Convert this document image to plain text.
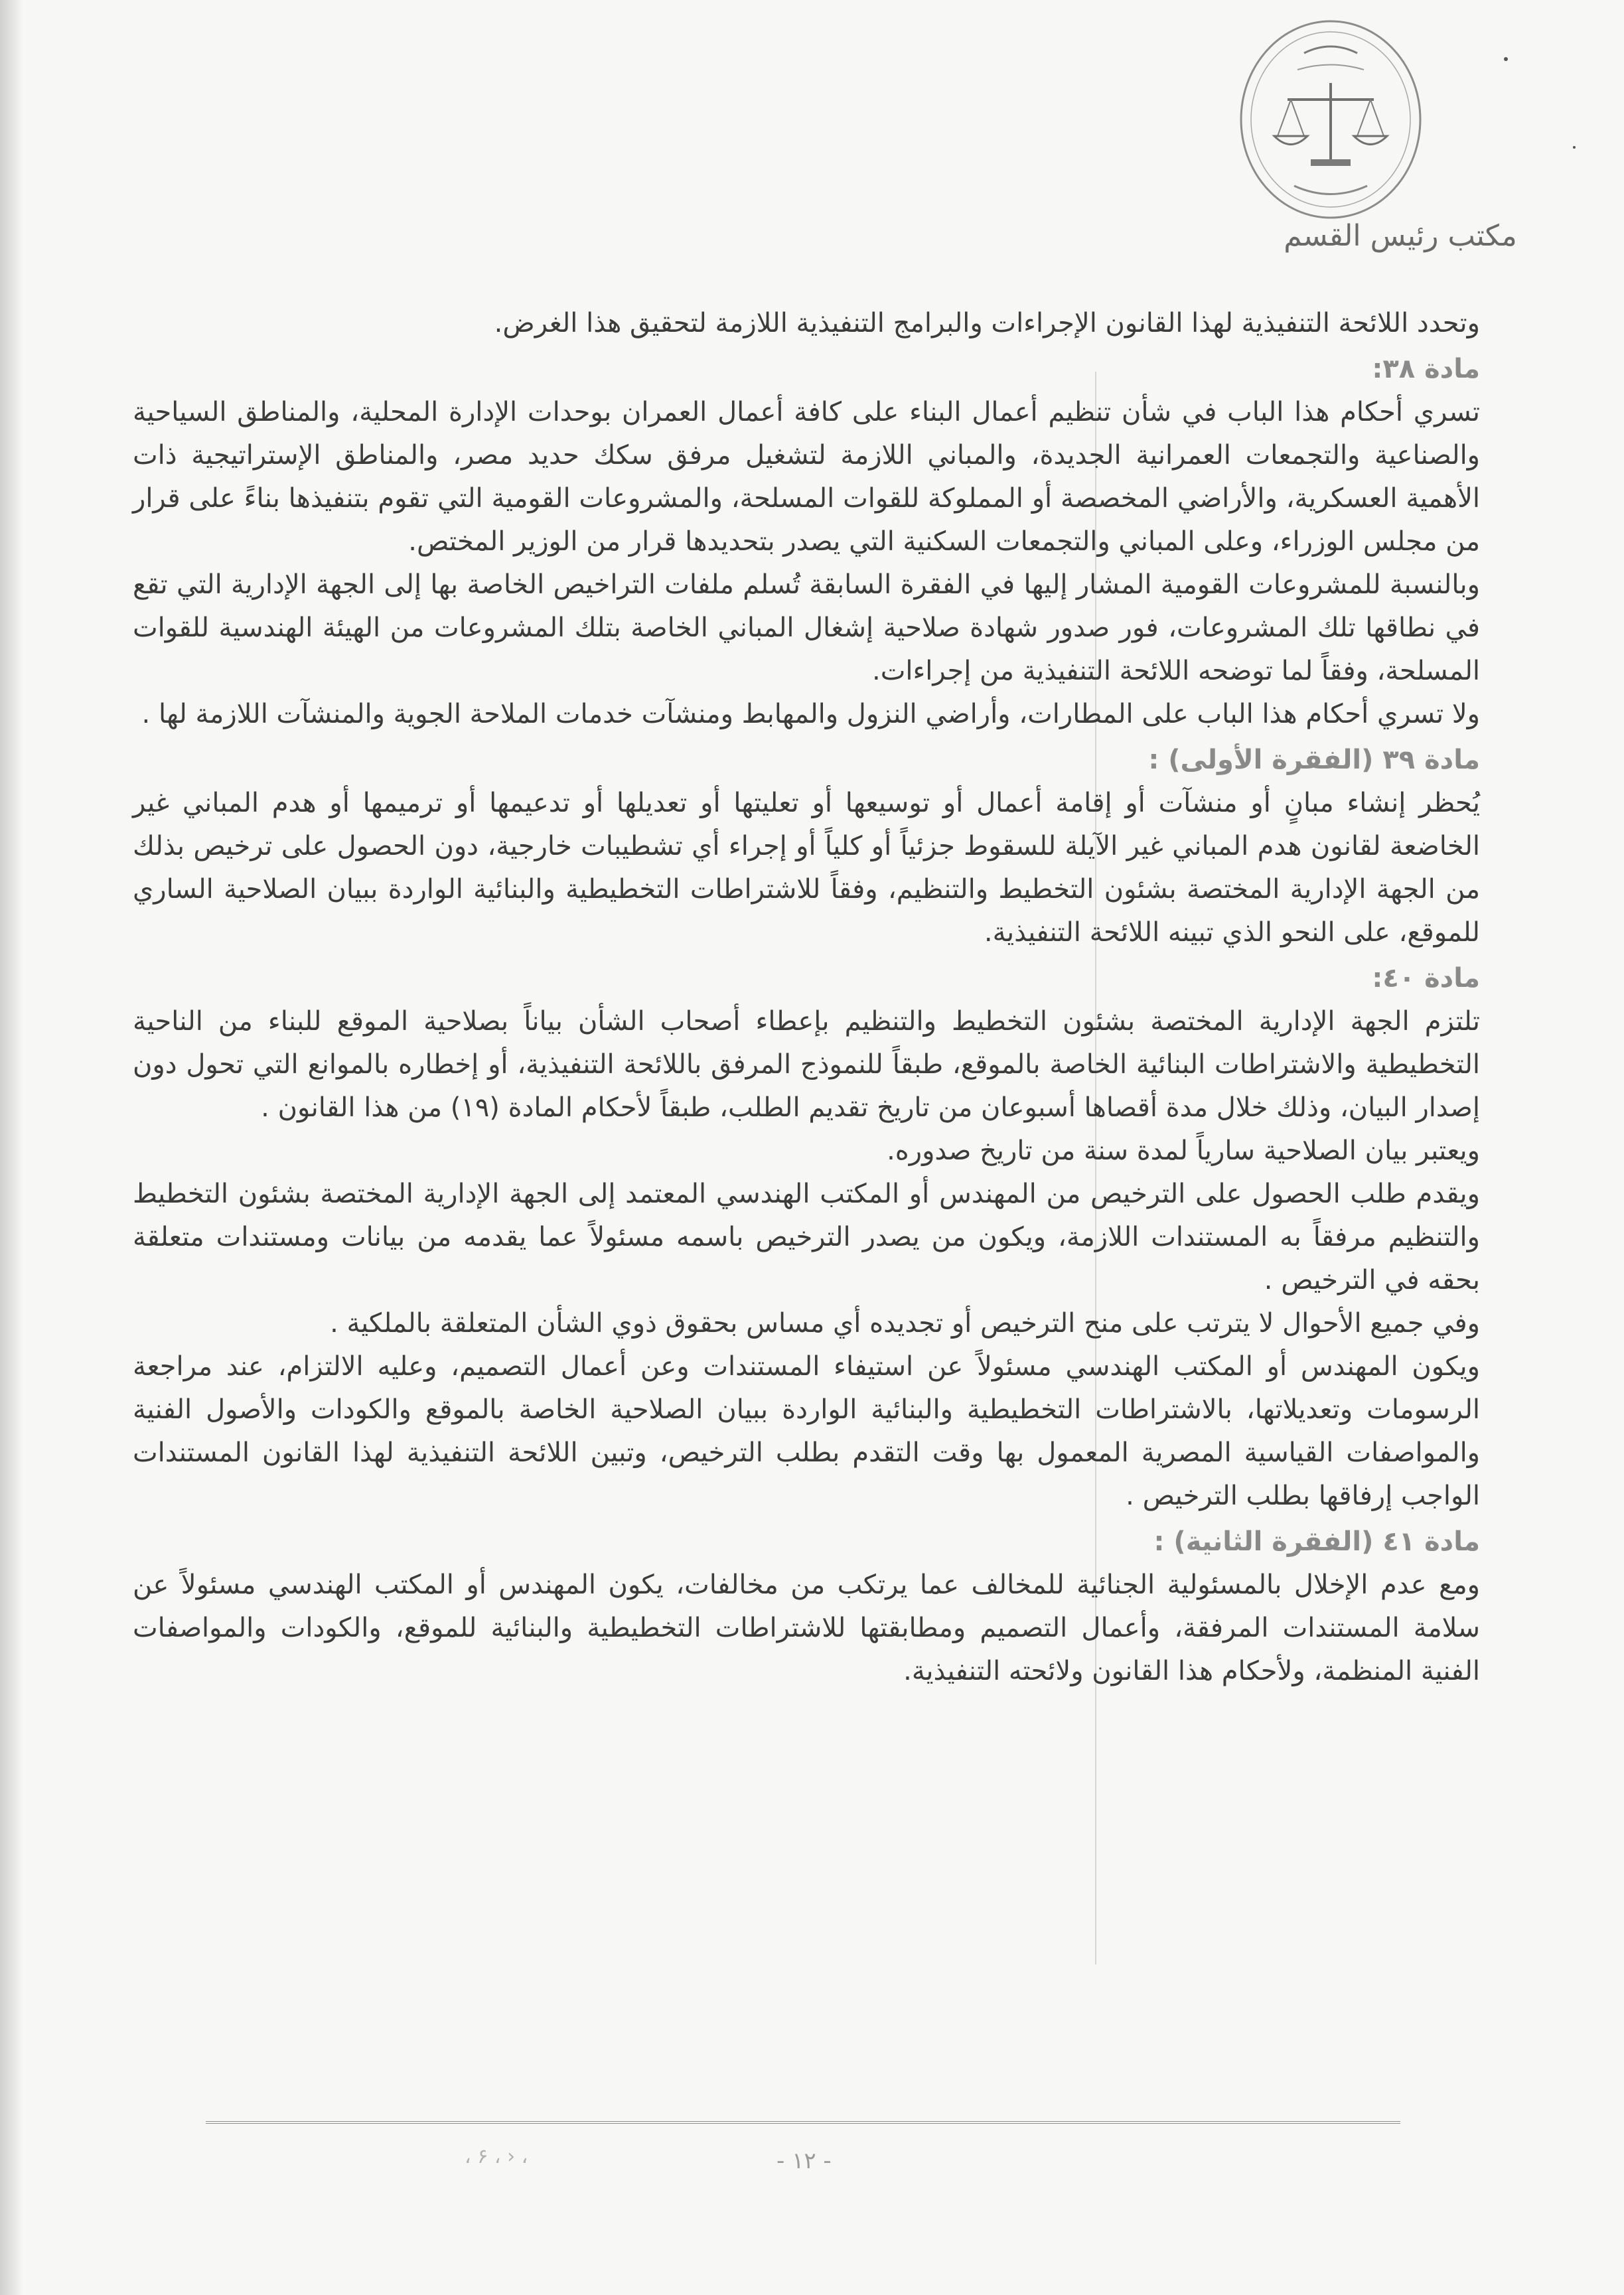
مكتب رئيس القسم

وتحدد اللائحة التنفيذية لهذا القانون الإجراءات والبرامج التنفيذية اللازمة لتحقيق هذا الغرض.

مادة ٣٨:

تسري أحكام هذا الباب في شأن تنظيم أعمال البناء على كافة أعمال العمران بوحدات الإدارة المحلية، والمناطق السياحية والصناعية والتجمعات العمرانية الجديدة، والمباني اللازمة لتشغيل مرفق سكك حديد مصر، والمناطق الإستراتيجية ذات الأهمية العسكرية، والأراضي المخصصة أو المملوكة للقوات المسلحة، والمشروعات القومية التي تقوم بتنفيذها بناءً على قرار من مجلس الوزراء، وعلى المباني والتجمعات السكنية التي يصدر بتحديدها قرار من الوزير المختص.

وبالنسبة للمشروعات القومية المشار إليها في الفقرة السابقة تُسلم ملفات التراخيص الخاصة بها إلى الجهة الإدارية التي تقع في نطاقها تلك المشروعات، فور صدور شهادة صلاحية إشغال المباني الخاصة بتلك المشروعات من الهيئة الهندسية للقوات المسلحة، وفقاً لما توضحه اللائحة التنفيذية من إجراءات.

ولا تسري أحكام هذا الباب على المطارات، وأراضي النزول والمهابط ومنشآت خدمات الملاحة الجوية والمنشآت اللازمة لها .

مادة ٣٩ (الفقرة الأولى) :

يُحظر إنشاء مبانٍ أو منشآت أو إقامة أعمال أو توسيعها أو تعليتها أو تعديلها أو تدعيمها أو ترميمها أو هدم المباني غير الخاضعة لقانون هدم المباني غير الآيلة للسقوط جزئياً أو كلياً أو إجراء أي تشطيبات خارجية، دون الحصول على ترخيص بذلك من الجهة الإدارية المختصة بشئون التخطيط والتنظيم، وفقاً للاشتراطات التخطيطية والبنائية الواردة ببيان الصلاحية الساري للموقع، على النحو الذي تبينه اللائحة التنفيذية.

مادة ٤٠:

تلتزم الجهة الإدارية المختصة بشئون التخطيط والتنظيم بإعطاء أصحاب الشأن بياناً بصلاحية الموقع للبناء من الناحية التخطيطية والاشتراطات البنائية الخاصة بالموقع، طبقاً للنموذج المرفق باللائحة التنفيذية، أو إخطاره بالموانع التي تحول دون إصدار البيان، وذلك خلال مدة أقصاها أسبوعان من تاريخ تقديم الطلب، طبقاً لأحكام المادة (١٩) من هذا القانون .

ويعتبر بيان الصلاحية سارياً لمدة سنة من تاريخ صدوره.

ويقدم طلب الحصول على الترخيص من المهندس أو المكتب الهندسي المعتمد إلى الجهة الإدارية المختصة بشئون التخطيط والتنظيم مرفقاً به المستندات اللازمة، ويكون من يصدر الترخيص باسمه مسئولاً عما يقدمه من بيانات ومستندات متعلقة بحقه في الترخيص .

وفي جميع الأحوال لا يترتب على منح الترخيص أو تجديده أي مساس بحقوق ذوي الشأن المتعلقة بالملكية .

ويكون المهندس أو المكتب الهندسي مسئولاً عن استيفاء المستندات وعن أعمال التصميم، وعليه الالتزام، عند مراجعة الرسومات وتعديلاتها، بالاشتراطات التخطيطية والبنائية الواردة ببيان الصلاحية الخاصة بالموقع والكودات والأصول الفنية والمواصفات القياسية المصرية المعمول بها وقت التقدم بطلب الترخيص، وتبين اللائحة التنفيذية لهذا القانون المستندات الواجب إرفاقها بطلب الترخيص .

مادة ٤١ (الفقرة الثانية) :

ومع عدم الإخلال بالمسئولية الجنائية للمخالف عما يرتكب من مخالفات، يكون المهندس أو المكتب الهندسي مسئولاً عن سلامة المستندات المرفقة، وأعمال التصميم ومطابقتها للاشتراطات التخطيطية والبنائية للموقع، والكودات والمواصفات الفنية المنظمة، ولأحكام هذا القانون ولائحته التنفيذية.

، ‹ ، ۶ ،	- ١٢ -
